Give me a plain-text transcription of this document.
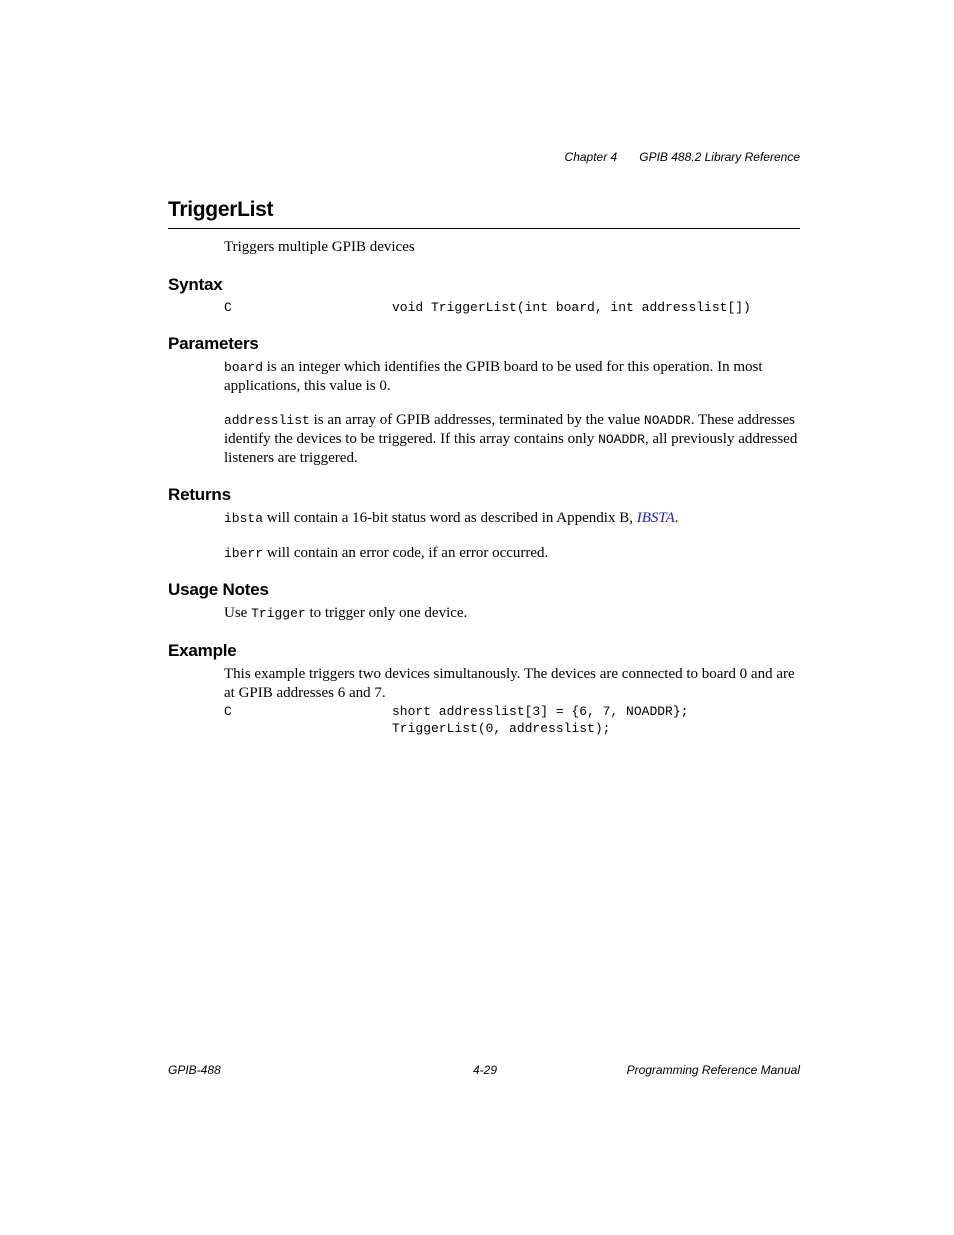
Chapter 4 GPIB 488.2 Library Reference
TriggerList
Triggers multiple GPIB devices
Syntax
C	void TriggerList(int board, int addresslist[])
Parameters
board is an integer which identifies the GPIB board to be used for this operation. In most applications, this value is 0.
addresslist is an array of GPIB addresses, terminated by the value NOADDR. These addresses identify the devices to be triggered. If this array contains only NOADDR, all previously addressed listeners are triggered.
Returns
ibsta will contain a 16-bit status word as described in Appendix B, IBSTA.
iberr will contain an error code, if an error occurred.
Usage Notes
Use Trigger to trigger only one device.
Example
This example triggers two devices simultanously. The devices are connected to board 0 and are at GPIB addresses 6 and 7.
C	short addresslist[3] = {6, 7, NOADDR};
TriggerList(0, addresslist);
GPIB-488	4-29	Programming Reference Manual
